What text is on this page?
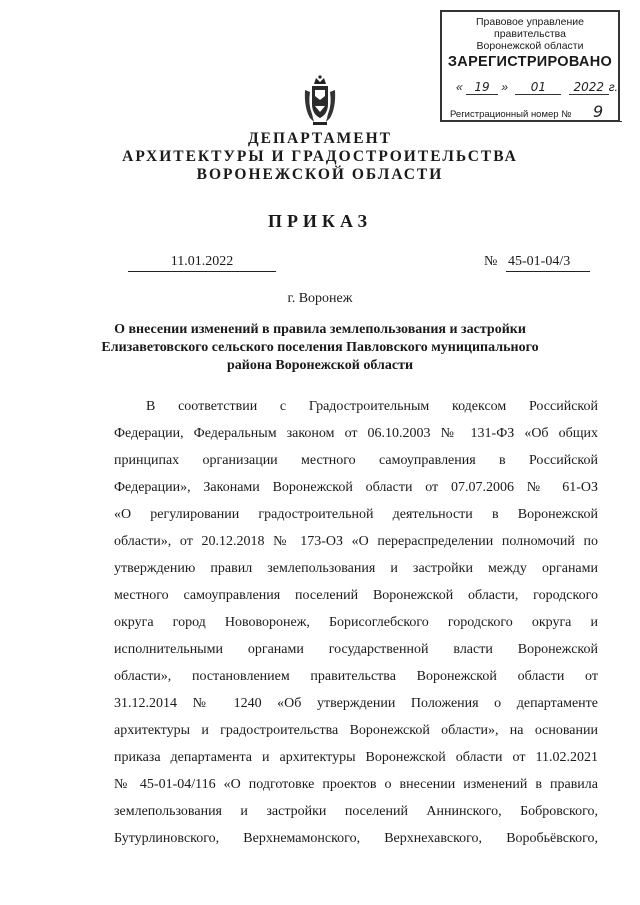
Правовое управление правительства
Воронежской области
ЗАРЕГИСТРИРОВАНО
« 19 » 01 2022 г.
Регистрационный номер № 9
ДЕПАРТАМЕНТ
АРХИТЕКТУРЫ И ГРАДОСТРОИТЕЛЬСТВА
ВОРОНЕЖСКОЙ ОБЛАСТИ
ПРИКАЗ
11.01.2022	№ 45-01-04/3
г. Воронеж
О внесении изменений в правила землепользования и застройки
Елизаветовского сельского поселения Павловского муниципального
района Воронежской области
В соответствии с Градостроительным кодексом Российской
Федерации, Федеральным законом от 06.10.2003 № 131-ФЗ «Об общих
принципах организации местного самоуправления в Российской
Федерации», Законами Воронежской области от 07.07.2006 № 61-ОЗ
«О регулировании градостроительной деятельности в Воронежской
области», от 20.12.2018 № 173-ОЗ «О перераспределении полномочий по
утверждению правил землепользования и застройки между органами
местного самоуправления поселений Воронежской области, городского
округа город Нововоронеж, Борисоглебского городского округа и
исполнительными органами государственной власти Воронежской
области», постановлением правительства Воронежской области от
31.12.2014 № 1240 «Об утверждении Положения о департаменте
архитектуры и градостроительства Воронежской области», на основании
приказа департамента и архитектуры Воронежской области от 11.02.2021
№ 45-01-04/116 «О подготовке проектов о внесении изменений в правила
землепользования и застройки поселений Аннинского, Бобровского,
Бутурлиновского, Верхнемамонского, Верхнехавского, Воробьёвского,
